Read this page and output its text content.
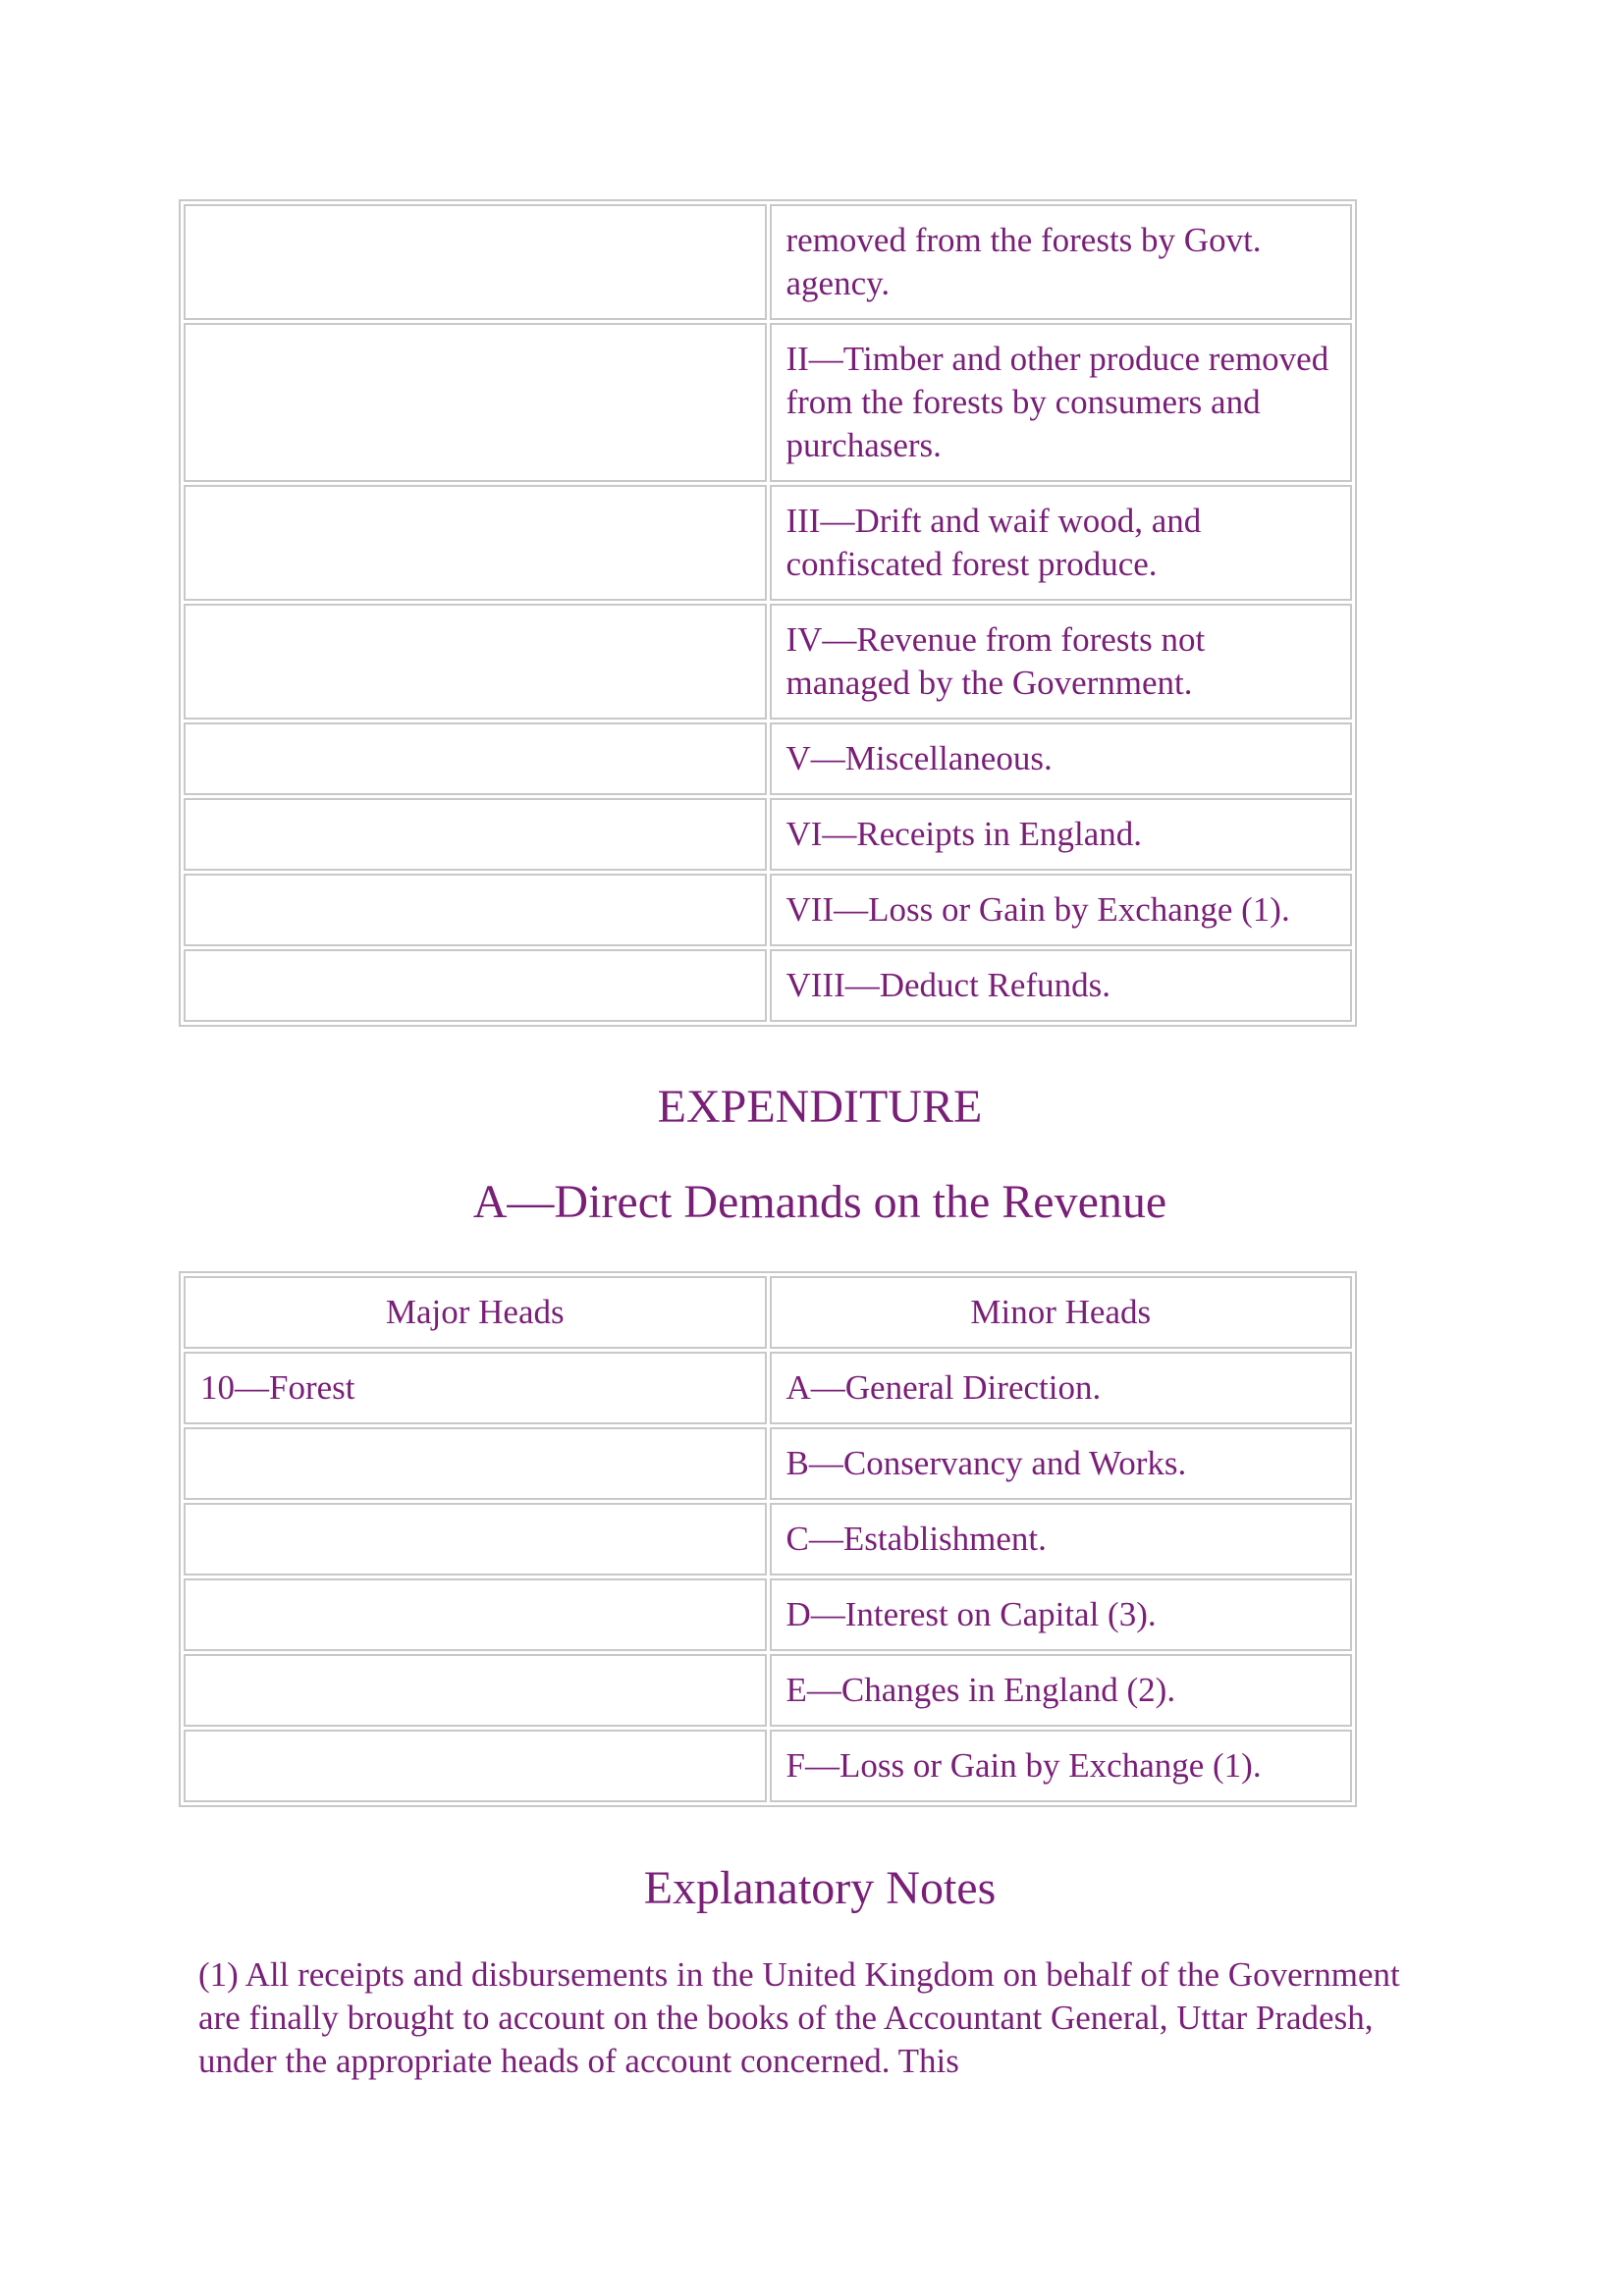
	removed from the forests by Govt. agency.
	II—Timber and other produce removed from the forests by consumers and purchasers.
	III—Drift and waif wood, and confiscated forest produce.
	IV—Revenue from forests not managed by the Government.
	V—Miscellaneous.
	VI—Receipts in England.
	VII—Loss or Gain by Exchange (1).
	VIII—Deduct Refunds.
EXPENDITURE
A—Direct Demands on the Revenue
Major Heads	Minor Heads
10—Forest	A—General Direction.
	B—Conservancy and Works.
	C—Establishment.
	D—Interest on Capital (3).
	E—Changes in England (2).
	F—Loss or Gain by Exchange (1).
Explanatory Notes

(1) All receipts and disbursements in the United Kingdom on behalf of the Government are finally brought to account on the books of the Accountant General, Uttar Pradesh, under the appropriate heads of account concerned. This
